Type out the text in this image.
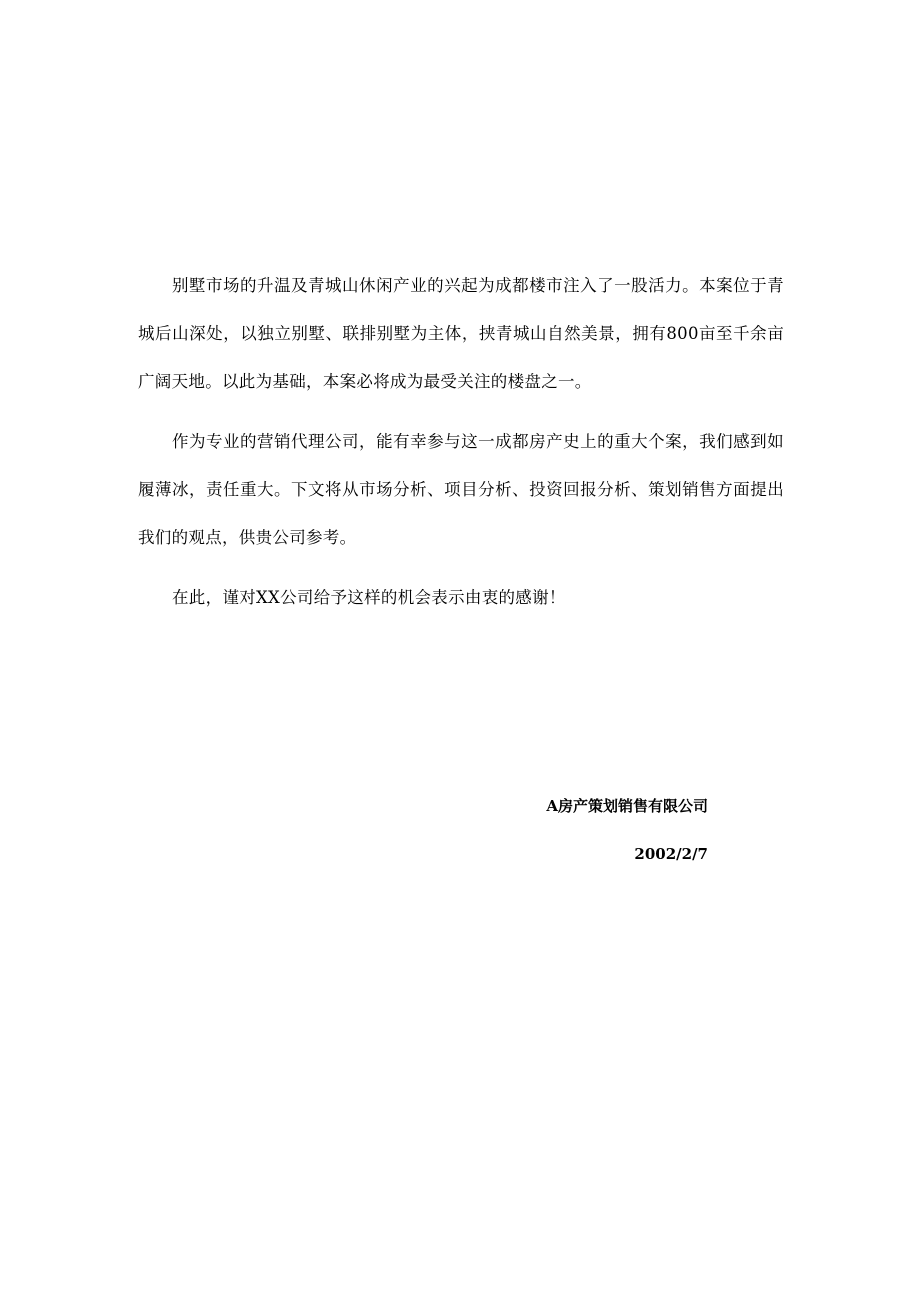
别墅市场的升温及青城山休闲产业的兴起为成都楼市注入了一股活力。本案位于青城后山深处，以独立别墅、联排别墅为主体，挟青城山自然美景，拥有800亩至千余亩广阔天地。以此为基础，本案必将成为最受关注的楼盘之一。

作为专业的营销代理公司，能有幸参与这一成都房产史上的重大个案，我们感到如履薄冰，责任重大。下文将从市场分析、项目分析、投资回报分析、策划销售方面提出我们的观点，供贵公司参考。

在此，谨对XX公司给予这样的机会表示由衷的感谢！

A房产策划销售有限公司

2002/2/7
